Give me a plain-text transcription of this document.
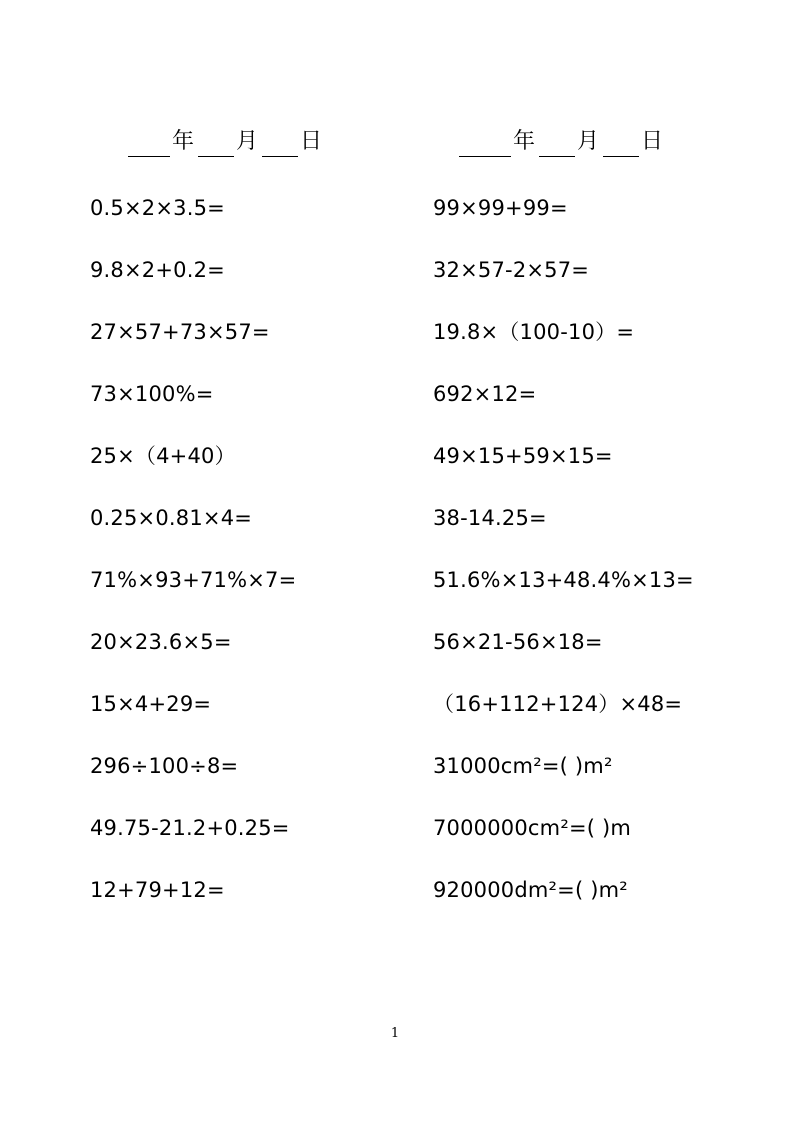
年 月 日
0.5×2×3.5=
9.8×2+0.2=
27×57+73×57=
73×100%=
25×（4+40）
0.25×0.81×4=
71%×93+71%×7=
20×23.6×5=
15×4+29=
296÷100÷8=
49.75-21.2+0.25=
12+79+12=
年 月 日
99×99+99=
32×57-2×57=
19.8×（100-10）=
692×12=
49×15+59×15=
38-14.25=
51.6%×13+48.4%×13=
56×21-56×18=
（16+112+124）×48=
31000cm²=( )m²
7000000cm²=( )m
920000dm²=( )m²
1
